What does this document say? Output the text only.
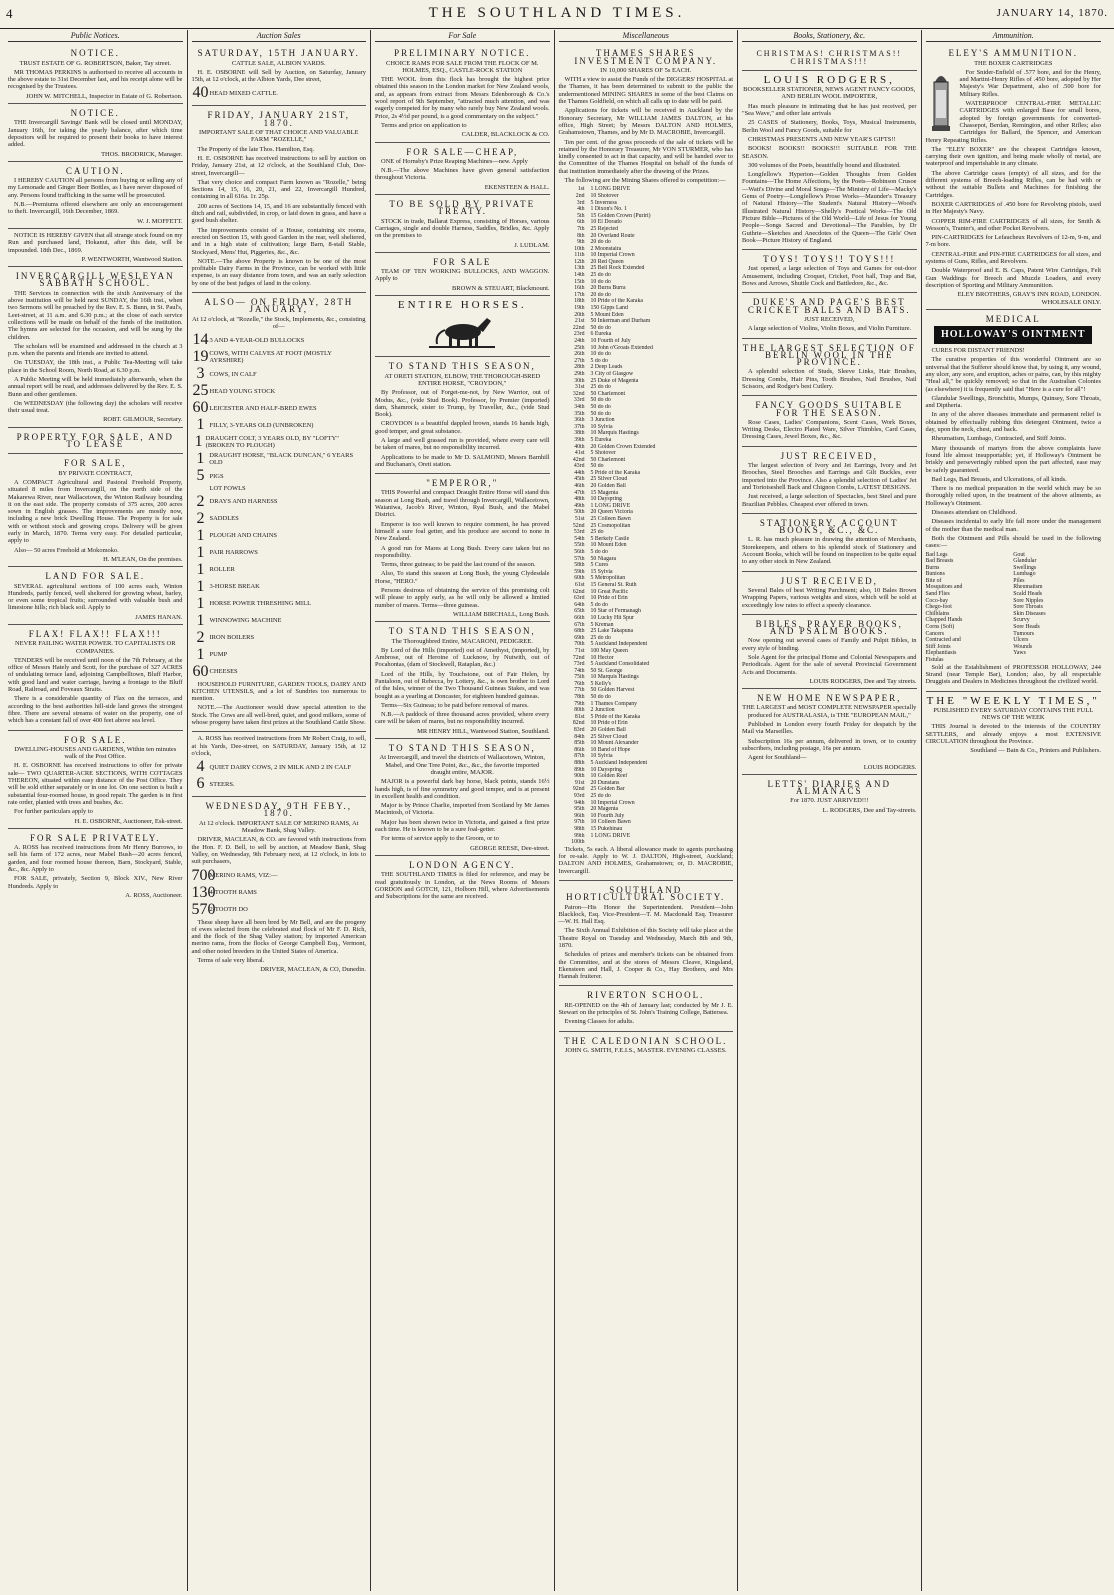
4	THE SOUTHLAND TIMES.	JANUARY 14, 1870.
Public Notices.
NOTICE.
TRUST ESTATE OF G. ROBERTSON, Baker, Tay street.

MR THOMAS PERKINS is authorised to receive all accounts in the above estate to 31st December last, and his receipt alone will be recognised by the Trustees.

JOHN W. MITCHELL, Inspector in Estate of G. Robertson.
NOTICE.

THE Invercargill Savings' Bank will be closed until MONDAY, January 16th, for taking the yearly balance, after which time depositors will be required to present their books to have interest added.

THOS. BRODRICK, Manager.
CAUTION.

I HEREBY CAUTION all persons from buying or selling any of my Lemonade and Ginger Beer Bottles, as I have never disposed of any. Persons found trafficking in the same will be prosecuted.

N.B.—Premiums offered elsewhere are only an encouragement to theft. Invercargill, 16th December, 1869.

W. J. MOFFETT.

NOTICE IS HEREBY GIVEN that all strange stock found on my Run and purchased land, Hokanui, after this date, will be impounded. 18th Dec., 1869.

P. WENTWORTH, Wantwood Station.
INVERCARGILL WESLEYAN SABBATH SCHOOL.

THE Services in connection with the sixth Anniversary of the above institution will be held next SUNDAY, the 16th inst., when two Sermons will be preached by the Rev. E. S. Bunn, in St. Paul's, Leet-street, at 11 a.m. and 6.30 p.m.; at the close of each service collections will be made on behalf of the funds of the institution. The hymns are selected for the occasion, and will be sung by the children.

The scholars will be examined and addressed in the church at 3 p.m. when the parents and friends are invited to attend.

On TUESDAY, the 18th inst., a Public Tea-Meeting will take place in the School Room, North Road, at 6.30 p.m.

A Public Meeting will be held immediately afterwards, when the annual report will be read, and addresses delivered by the Rev. E. S. Bunn and other gentlemen.

On WEDNESDAY (the following day) the scholars will receive their usual treat.

ROBT. GILMOUR, Secretary.
PROPERTY FOR SALE, AND TO LEASE
FOR SALE,
BY PRIVATE CONTRACT,

A COMPACT Agricultural and Pastoral Freehold Property, situated 8 miles from Invercargill, on the north side of the Makarewa River, near Wallacetown, the Winton Railway bounding it on the east side. The property consists of 375 acres, 200 acres sown in English grasses. The improvements are mostly now, including a new brick Dwelling House. The Property is for sale with or without stock and growing crops. Delivery will be given early in March, 1870. Terms very easy. For detailed particular, apply to

Also— 50 acres Freehold at Mokomoko.

H. M'LEAN, On the premises.
LAND FOR SALE.

SEVERAL agricultural sections of 100 acres each, Winton Hundreds, partly fenced, well sheltered for growing wheat, barley, or even some tropical fruits; surrounded with valuable bush and limestone hills; rich black soil. Apply to

JAMES HANAN.
FLAX! FLAX!! FLAX!!!
NEVER FAILING WATER POWER. TO CAPITALISTS OR COMPANIES.

TENDERS will be received until noon of the 7th February, at the office of Messrs Hately and Scott, for the purchase of 327 ACRES of undulating terrace land, adjoining Campbelltown, Bluff Harbor, with good land and water carriage, having a frontage to the Bluff Road, Railroad, and Foveaux Straits.

There is a considerable quantity of Flax on the terraces, and according to the best authorities hill-side land grows the strongest fibre. There are several streams of water on the property, one of which has a constant fall of over 400 feet above sea level.

FOR SALE.
DWELLING-HOUSES AND GARDENS, Within ten minutes walk of the Post Office.

H. E. OSBORNE has received instructions to offer for private sale— TWO QUARTER-ACRE SECTIONS, WITH COTTAGES THEREON, situated within easy distance of the Post Office. They will be sold either separately or in one lot. On one section is built a substantial four-roomed house, in good repair. The garden is in first rate order, planted with trees and bushes, &c.

For further particulars apply to

H. E. OSBORNE, Auctioneer, Esk-street.
FOR SALE PRIVATELY.

A. ROSS has received instructions from Mr Henry Burrows, to sell his farm of 172 acres, near Mabel Bush—20 acres fenced, garden, and four roomed house thereon, Barn, Stockyard, Stable, &c., &c. Apply to

FOR SALE, privately, Section 9, Block XIV., New River Hundreds. Apply to

A. ROSS, Auctioneer.
Auction Sales
SATURDAY, 15TH JANUARY.
CATTLE SALE, ALBION YARDS.

H. E. OSBORNE will Sell by Auction, on Saturday, January 15th, at 12 o'clock, at the Albion Yards, Dee street,

40 HEAD MIXED CATTLE.
FRIDAY, JANUARY 21ST, 1870.
IMPORTANT SALE OF THAT CHOICE AND VALUABLE FARM "ROZELLE,"

The Property of the late Thos. Hamilton, Esq.

H. E. OSBORNE has received instructions to sell by auction on Friday, January 21st, at 12 o'clock, at the Southland Club, Dee-street, Invercargill—

That very choice and compact Farm known as "Rozelle," being Sections 14, 15, 16, 20, 21, and 22, Invercargill Hundred, containing in all 616a. 1r. 25p.

200 acres of Sections 14, 15, and 16 are substantially fenced with ditch and rail, subdivided, in crop, or laid down in grass, and have a good bush shelter.

The improvements consist of a House, containing six rooms, erected on Section 15, with good Garden in the rear, well sheltered, and in a high state of cultivation; large Barn, 8-stall Stable, Stockyard, Mens' Hut, Piggeries, &c., &c.

NOTE.—The above Property is known to be one of the most profitable Dairy Farms in the Province, can be worked with little expense, is an easy distance from town, and was an early selection by one of the best judges of land in the colony.

ALSO— ON FRIDAY, 28TH JANUARY,
At 12 o'clock, at "Rozelle," the Stock, Implements, &c., consisting of—
14 3 AND 4-YEAR-OLD BULLOCKS
19 COWS, WITH CALVES AT FOOT (MOSTLY AYRSHIRE)
3 COWS, IN CALF
25 HEAD YOUNG STOCK
60 LEICESTER AND HALF-BRED EWES
1 FILLY, 3-YEARS OLD (UNBROKEN)
1 DRAUGHT COLT, 3 YEARS OLD, BY "LOFTY" (BROKEN TO PLOUGH)
1 DRAUGHT HORSE, "BLACK DUNCAN," 6 YEARS OLD
5 PIGS
LOT FOWLS
2 DRAYS AND HARNESS
2 SADDLES
1 PLOUGH AND CHAINS
1 PAIR HARROWS
1 ROLLER
1 3-HORSE BREAK
1 HORSE POWER THRESHING MILL
1 WINNOWING MACHINE
2 IRON BOILERS
1 PUMP
60 CHEESES

HOUSEHOLD FURNITURE, GARDEN TOOLS, DAIRY AND KITCHEN UTENSILS, and a lot of Sundries too numerous to mention.

NOTE.—The Auctioneer would draw special attention to the Stock. The Cows are all well-bred, quiet, and good milkers, some of whose progeny have taken first prizes at the Southland Cattle Show.

A. ROSS has received instructions from Mr Robert Craig, to sell, at his Yards, Dee-street, on SATURDAY, January 15th, at 12 o'clock,

4 QUIET DAIRY COWS, 2 IN MILK AND 2 IN CALF
6 STEERS.
WEDNESDAY, 9TH FEBY., 1870.
At 12 o'clock. IMPORTANT SALE OF MERINO RAMS, At Meadow Bank, Shag Valley.

DRIVER, MACLEAN, & CO. are favored with instructions from the Hon. F. D. Bell, to sell by auction, at Meadow Bank, Shag Valley, on Wednesday, 9th February next, at 12 o'clock, in lots to suit purchasers,

700
MERINO RAMS, VIZ:—
130
4-TOOTH RAMS
570
2-TOOTH DO

These sheep have all been bred by Mr Bell, and are the progeny of ewes selected from the celebrated stud flock of Mr F. D. Rich, and the flock of the Shag Valley station; by imported American merino rams, from the flocks of George Campbell Esq., Vermont, and other noted breeders in the United States of America.

Terms of sale very liberal.

DRIVER, MACLEAN, & CO, Dunedin.
For Sale
PRELIMINARY NOTICE.
CHOICE RAMS FOR SALE FROM THE FLOCK OF M. HOLMES, ESQ., CASTLE-ROCK STATION

THE WOOL from this flock has brought the highest price obtained this season in the London market for New Zealand wools, and, as appears from extract from Messrs Edenborough & Co.'s wool report of 9th September, "attracted much attention, and was eagerly competed for by many who rarely buy New Zealand wools. Price, 2s 4½d per pound, is a good commentary on the subject."

Terms and price on application to

CALDER, BLACKLOCK & CO.
FOR SALE—CHEAP,

ONE of Hornsby's Prize Reaping Machines—new. Apply

N.B.—The above Machines have given general satisfaction throughout Victoria.

EKENSTEEN & HALL.
TO BE SOLD BY PRIVATE TREATY.

STOCK in trade, Ballarat Express, consisting of Horses, various Carriages, single and double Harness, Saddles, Bridles, &c. Apply on the premises to

J. LUDLAM.
FOR SALE

TEAM OF TEN WORKING BULLOCKS, AND WAGGON. Apply to

BROWN & STEUART, Blackmount.
ENTIRE HORSES.
TO STAND THIS SEASON,
AT ORETI STATION, ELBOW, THE THOROUGH-BRED ENTIRE HORSE, "CROYDON,"

By Professor, out of Forget-me-not, by New Warrior, out of Modus, &c., (vide Stud Book). Professor, by Premier (imported) dam, Shamrock, sister to Trump, by Traveller, &c., (vide Stud Book).

CROYDON is a beautiful dappled brown, stands 16 hands high, good temper, and great substance.

A large and well grassed run is provided, where every care will be taken of mares, but no responsibility incurred.

Applications to be made to Mr D. SALMOND, Messrs Barnhill and Buchanan's, Oreti station.

"EMPEROR,"

THIS Powerful and compact Draught Entire Horse will stand this season at Long Bush, and travel through Invercargill, Wallacetown, Waianiwa, Jacob's River, Winton, Ryal Bush, and the Mabel District.

Emperor is too well known to require comment, he has proved himself a sure foal getter, and his produce are second to none in New Zealand.

A good run for Mares at Long Bush. Every care taken but no responsibility.

Terms, three guineas; to be paid the last round of the season.

Also, To stand this season at Long Bush, the young Clydesdale Horse, "HERO."

Persons desirous of obtaining the service of this promising colt will please to apply early, as he will only be allowed a limited number of mares. Terms—three guineas.

WILLIAM BIRCHALL, Long Bush.
TO STAND THIS SEASON,
The Thoroughbred Entire, MACARONI, PEDIGREE.

By Lord of the Hills (imported) out of Amethyst, (imported), by Ambrose, out of Heroine of Lucknow, by Nutwith, out of Pocahontas, (dam of Stockwell, Rataplan, &c.)

Lord of the Hills, by Touchstone, out of Fair Helen, by Pantaloon, out of Rebecca, by Lottery, &c., is own brother to Lord of the Isles, winner of the Two Thousand Guineas Stakes, and was bought as a yearling at Doncaster, for eighteen hundred guineas.

Terms—Six Guineas; to be paid before removal of mares.

N.B.—A paddock of three thousand acres provided, where every care will be taken of mares, but no responsibility incurred.

MR HENRY HILL, Wantwood Station, Southland.
TO STAND THIS SEASON,
At Invercargill, and travel the districts of Wallacetown, Winton, Mabel, and One Tree Point, &c., &c., the favorite imported draught entire, MAJOR.

MAJOR is a powerful dark bay horse, black points, stands 16½ hands high, is of fine symmetry and good temper, and is at present in excellent health and condition.

Major is by Prince Charlie, imported from Scotland by Mr James Macintosh, of Victoria.

Major has been shown twice in Victoria, and gained a first prize each time. He is known to be a sure foal-getter.

For terms of service apply to the Groom, or to

GEORGE REESE, Dee-street.
LONDON AGENCY.

THE SOUTHLAND TIMES is filed for reference, and may be read gratuitously in London, at the News Rooms of Messrs GORDON and GOTCH, 121, Holborn Hill, where Advertisements and Subscriptions for the same are received.

Miscellaneous
THAMES SHARES INVESTMENT COMPANY.
IN 10,000 SHARES OF 5s EACH.

WITH a view to assist the Funds of the DIGGERS' HOSPITAL at the Thames, it has been determined to submit to the public the undermentioned MINING SHARES in some of the best Claims on the Thames Goldfield, on which all calls up to date will be paid.

Applications for tickets will be received in Auckland by the Honorary Secretary, Mr WILLIAM JAMES DALTON, at his office, High Street; by Messrs DALTON AND HOLMES, Grahamstown, Thames, and by Mr D. MACROBIE, Invercargill.

Ten per cent. of the gross proceeds of the sale of tickets will be retained by the Honorary Treasurer, Mr VON STURMER, who has kindly consented to act in that capacity, and will be handed over to the Committee of the Thames Hospital on behalf of the funds of that institution immediately after the drawing of the Prizes.

The following are the Mining Shares offered to competition:—

1st 1 LONG DRIVE
2nd 10 Shotover
3rd 5 Inverness
4th 1 Dixon's No. 1
5th 15 Golden Crown (Puriri)
6th 10 El Dorado
7th 25 Rejected
8th 20 Overland Route
9th 20 do do
10th 2 Moonstaira
11th 10 Imperial Crown
12th 20 Red Queen
13th 25 Bell Rock Extended
14th 25 do do
15th 10 do do
16th 20 Burra Burra
17th 20 do do
18th 10 Pride of the Karaka
19th 150 Gipps Land
20th 5 Mount Eden
21st 50 Inkerman and Durham
22nd 50 do do
23rd 6 Eureka
24th 10 Fourth of July
25th 10 John o'Groats Extended
26th 10 do do
27th 5 do do
28th 2 Deep Leads
29th 3 City of Glasgow
30th 25 Duke of Magenta
31st 25 do do
32nd 50 Charlemont
33rd 50 do do
34th 50 do do
35th 50 do do
36th 3 Junction
37th 10 Sylvia
38th 10 Marquis Hastings
39th 5 Eureka
40th 20 Golden Crown Extended
41st 5 Shotover
42nd 50 Charlemont
43rd 50 do
44th 5 Pride of the Karaka
45th 25 Silver Cloud
46th 20 Golden Ball
47th 15 Magenta
48th 10 Dayspring
49th 1 LONG DRIVE
50th 20 Queen Victoria
51st 25 Colleen Bawn
52nd 25 Cosmopolitan
53rd 25 do
54th 5 Berkely Castle
55th 10 Mount Eden
56th 5 do do
57th 50 Niagara
58th 5 Cures
59th 15 Sylvia
60th 5 Metropolitan
61st 15 General St. Ruth
62nd 10 Great Pacific
63rd 10 Pride of Erin
64th 5 do do
65th 10 Star of Fermanagh
66th 10 Lucky Hit Spur
67th 5 Kreman
68th 25 Lake Takapuna
69th 25 do do
70th 5 Auckland Independent
71st 100 May Queen
72nd 10 Hector
73rd 5 Auckland Consolidated
74th 50 St. George
75th 10 Marquis Hastings
76th 5 Kelly's
77th 50 Golden Harvest
78th 50 do do
79th 1 Thames Company
80th 2 Junction
81st 5 Pride of the Karaka
82nd 10 Pride of Erin
83rd 20 Golden Ball
84th 25 Silver Cloud
85th 10 Mount Alexander
86th 10 Band of Hope
87th 10 Sylvia
88th 5 Auckland Independent
89th 10 Dayspring
90th 10 Golden Reef
91st 20 Dunstans
92nd 25 Golden Bar
93rd 25 do do
94th 10 Imperial Crown
95th 20 Magenta
96th 10 Fourth July
97th 10 Colleen Bawn
98th 15 Pukehinau
99th 1 LONG DRIVE
100th

Tickets, 5s each. A liberal allowance made to agents purchasing for re-sale. Apply to W. J. DALTON, High-street, Auckland; DALTON AND HOLMES, Grahamstown; or, D. MACROBIE, Invercargill.

SOUTHLAND HORTICULTURAL SOCIETY.

Patron—His Honor the Superintendent. President—John Blacklock, Esq. Vice-President—T. M. Macdonald Esq. Treasurer—W. H. Hall Esq.

The Sixth Annual Exhibition of this Society will take place at the Theatre Royal on Tuesday and Wednesday, March 8th and 9th, 1870.

Schedules of prizes and member's tickets can be obtained from the Committee, and at the stores of Messrs Cleave, Kingsland, Ekensteen and Hall, J. Cooper & Co., Hay Brothers, and Mrs Hannah fruiterer.

RIVERTON SCHOOL.

RE-OPENED on the 4th of January last; conducted by Mr J. E. Stewart on the principles of St. John's Training College, Battersea.

Evening Classes for adults.

THE CALEDONIAN SCHOOL.
JOHN G. SMITH, F.E.I.S., MASTER. EVENING CLASSES.
Books, Stationery, &c.
CHRISTMAS! CHRISTMAS!! CHRISTMAS!!!
LOUIS RODGERS,
BOOKSELLER STATIONER, NEWS AGENT FANCY GOODS, AND BERLIN WOOL IMPORTER,

Has much pleasure in intimating that he has just received, per "Sea Wave," and other late arrivals

25 CASES of Stationery, Books, Toys, Musical Instruments, Berlin Wool and Fancy Goods, suitable for

CHRISTMAS PRESENTS AND NEW YEAR'S GIFTS!!

BOOKS! BOOKS!! BOOKS!!! SUITABLE FOR THE SEASON.

300 volumes of the Poets, beautifully bound and illustrated.

Longfellow's Hyperion—Golden Thoughts from Golden Fountains—The Home Affections, by the Poets—Robinson Crusoe—Watt's Divine and Moral Songs—The Ministry of Life—Macky's Gems of Poetry—Longfellow's Prose Works—Maunder's Treasury of Natural History—The Student's Natural History—Wood's Illustrated Natural History—Shelly's Poetical Works—The Old Picture Bible—Pictures of the Old World—Life of Jesus for Young People—Songs Sacred and Devotional—The Parables, by Dr Guthrie—Sketches and Anecdotes of the Queen—The Girls' Own Book—Picture History of England.

TOYS! TOYS!! TOYS!!!

Just opened, a large selection of Toys and Games for out-door Amusement, including Croquet, Cricket, Foot ball, Trap and Bat, Bows and Arrows, Shuttle Cock and Battledore, &c., &c.

DUKE'S AND PAGE'S BEST CRICKET BALLS AND BATS.
JUST RECEIVED,

A large selection of Violins, Violin Boxes, and Violin Furniture.

THE LARGEST SELECTION OF BERLIN WOOL IN THE PROVINCE.

A splendid selection of Studs, Sleeve Links, Hair Brushes, Dressing Combs, Hair Pins, Tooth Brushes, Nail Brushes, Nail Scissors, and Rodger's best Cutlery.

FANCY GOODS SUITABLE FOR THE SEASON.

Rose Cases, Ladies' Companions, Scent Cases, Work Boxes, Writing Desks, Electro Plated Ware, Silver Thimbles, Card Cases, Dressing Cases, Jewel Boxes, &c., &c.

JUST RECEIVED,

The largest selection of Ivory and Jet Earrings, Ivory and Jet Brooches, Steel Brooches and Earrings and Gilt Buckles, ever imported into the Province. Also a splendid selection of Ladies' Jet and Tortoiseshell Back and Chignon Combs, LATEST DESIGNS.

Just received, a large selection of Spectacles, best Steel and pure Brazilian Pebbles. Cheapest ever offered in town.

STATIONERY, ACCOUNT BOOKS, &C., &C.

L. R. has much pleasure in drawing the attention of Merchants, Storekeepers, and others to his splendid stock of Stationery and Account Books, which will be found on inspection to be quite equal to any other stock in New Zealand.

JUST RECEIVED,

Several Bales of best Writing Parchment; also, 10 Bales Brown Wrapping Papers, various weights and sizes, which will be sold at exceedingly low rates to effect a speedy clearance.

BIBLES, PRAYER BOOKS, AND PSALM BOOKS.

Now opening out several cases of Family and Pulpit Bibles, in every style of binding.

Sole Agent for the principal Home and Colonial Newspapers and Periodicals. Agent for the sale of several Provincial Government Acts and Documents.

LOUIS RODGERS, Dee and Tay streets.
NEW HOME NEWSPAPER,
THE LARGEST and MOST COMPLETE NEWSPAPER specially produced for AUSTRALASIA, is THE "EUROPEAN MAIL,"

Published in London every fourth Friday for despatch by the Mail via Marseilles.

Subscription 16s per annum, delivered in town, or to country subscribers, including postage, 16s per annum.

Agent for Southland—

LOUIS RODGERS.
LETTS' DIARIES AND ALMANACS
For 1870. JUST ARRIVED!!!
L. RODGERS, Dee and Tay-streets.
Ammunition.
ELEY'S AMMUNITION.
THE BOXER CARTRIDGES

For Snider-Enfield of .577 bore, and for the Henry, and Martini-Henry Rifles of .450 bore, adopted by Her Majesty's War Department, also of .500 bore for Military Rifles.

WATERPROOF CENTRAL-FIRE METALLIC CARTRIDGES with enlarged Base for small bores, adopted by foreign governments for converted-Chassepot, Berdan, Remington, and other Rifles; also Cartridges for Ballard, the Spencer, and American Henry Repeating Rifles.

The "ELEY BOXER" are the cheapest Cartridges known, carrying their own ignition, and being made wholly of metal, are waterproof and imperishable in any climate.

The above Cartridge cases (empty) of all sizes, and for the different systems of Breech-loading Rifles, can be had with or without the suitable Bullets and Machines for finishing the Cartridges.

BOXER CARTRIDGES of .450 bore for Revolving pistols, used in Her Majesty's Navy.

COPPER RIM-FIRE CARTRIDGES of all sizes, for Smith & Wesson's, Tranter's, and other Pocket Revolvers.

PIN-CARTRIDGES for Lefaucheux Revolvers of 12-m, 9-m, and 7-m bore.

CENTRAL-FIRE and PIN-FIRE CARTRIDGES for all sizes, and systems of Guns, Rifles, and Revolvers.

Double Waterproof and E. B. Caps, Patent Wire Cartridges, Felt Gun Waddings for Breech and Muzzle Loaders, and every description of Sporting and Military Ammunition.

ELEY BROTHERS, GRAY'S INN ROAD, LONDON. WHOLESALE ONLY.
MEDICAL
HOLLOWAY'S OINTMENT

CURES FOR DISTANT FRIENDS!

The curative properties of this wonderful Ointment are so universal that the Sufferer should know that, by using it, any wound, any ulcer, any sore, and eruption, aches or pains, can, by this mighty "Heal all," be quickly removed; so that in the Australian Colonies (as elsewhere) it is frequently said that "Here is a cure for all"!

Glandular Swellings, Bronchitis, Mumps, Quinsey, Sore Throats, and Diptheria.

In any of the above diseases immediate and permanent relief is obtained by effectually rubbing this detergent Ointment, twice a day, upon the neck, chest, and back.

Rheumatism, Lumbago, Contracted, and Stiff Joints.

Many thousands of martyrs from the above complaints have found life almost insupportable; yet, if Holloway's Ointment be briskly and perseveringly rubbed upon the part affected, ease may be safely guaranteed.

Bad Legs, Bad Breasts, and Ulcerations, of all kinds.

There is no medical preparation in the world which may be so thoroughly relied upon, in the treatment of the above ailments, as Holloway's Ointment.

Diseases attendant on Childhood.

Diseases incidental to early life fall more under the management of the mother than the medical man.

Both the Ointment and Pills should be used in the following cases:—

Bad Legs
Bad Breasts
Burns
Bunions
Bite of Mosquitoes and Sand Flies
Coco-bay
Chego-foot
Chilblains
Chapped Hands
Corns (Soft)
Cancers
Contracted and Stiff Joints
Elephantiasis
Fistulas
Gout
Glandular Swellings
Lumbago
Piles
Rheumatism
Scald Heads
Sore Nipples
Sore Throats
Skin Diseases
Scurvy
Sore Heads
Tumours
Ulcers
Wounds
Yaws

Sold at the Establishment of PROFESSOR HOLLOWAY, 244 Strand (near Temple Bar), London; also, by all respectable Druggists and Dealers in Medicines throughout the civilized world.

THE "WEEKLY TIMES,"
PUBLISHED EVERY SATURDAY CONTAINS THE FULL NEWS OF THE WEEK

THIS Journal is devoted to the interests of the COUNTRY SETTLERS, and already enjoys a most EXTENSIVE CIRCULATION throughout the Province.

Southland — Bain & Co., Printers and Publishers.
